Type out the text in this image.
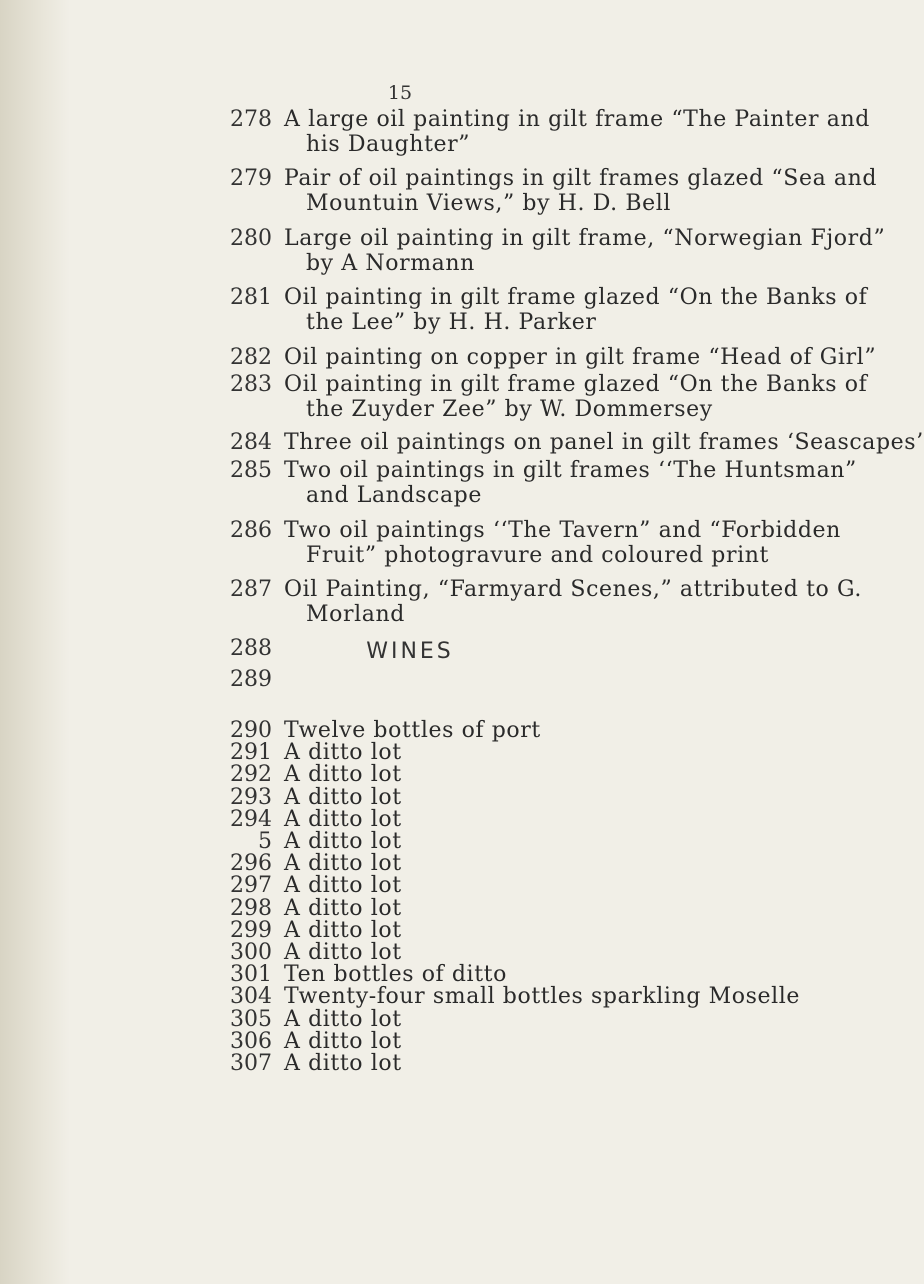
15
278 A large oil painting in gilt frame “The Painter and
his Daughter”
279 Pair of oil paintings in gilt frames glazed “Sea and
Mountuin Views,” by H. D. Bell
280 Large oil painting in gilt frame, “Norwegian Fjord”
by A Normann
281 Oil painting in gilt frame glazed “On the Banks of
the Lee” by H. H. Parker
282 Oil painting on copper in gilt frame “Head of Girl”
283 Oil painting in gilt frame glazed “On the Banks of
the Zuyder Zee” by W. Dommersey
284 Three oil paintings on panel in gilt frames ‘Seascapes’
285 Two oil paintings in gilt frames ‘‘The Huntsman”
and Landscape
286 Two oil paintings ‘‘The Tavern” and “Forbidden
Fruit” photogravure and coloured print
287 Oil Painting, “Farmyard Scenes,” attributed to G.
Morland
288
289
WINES
290 Twelve bottles of port
291 A ditto lot
292 A ditto lot
293 A ditto lot
294 A ditto lot
5 A ditto lot
296 A ditto lot
297 A ditto lot
298 A ditto lot
299 A ditto lot
300 A ditto lot
301 Ten bottles of ditto
304 Twenty-four small bottles sparkling Moselle
305 A ditto lot
306 A ditto lot
307 A ditto lot
